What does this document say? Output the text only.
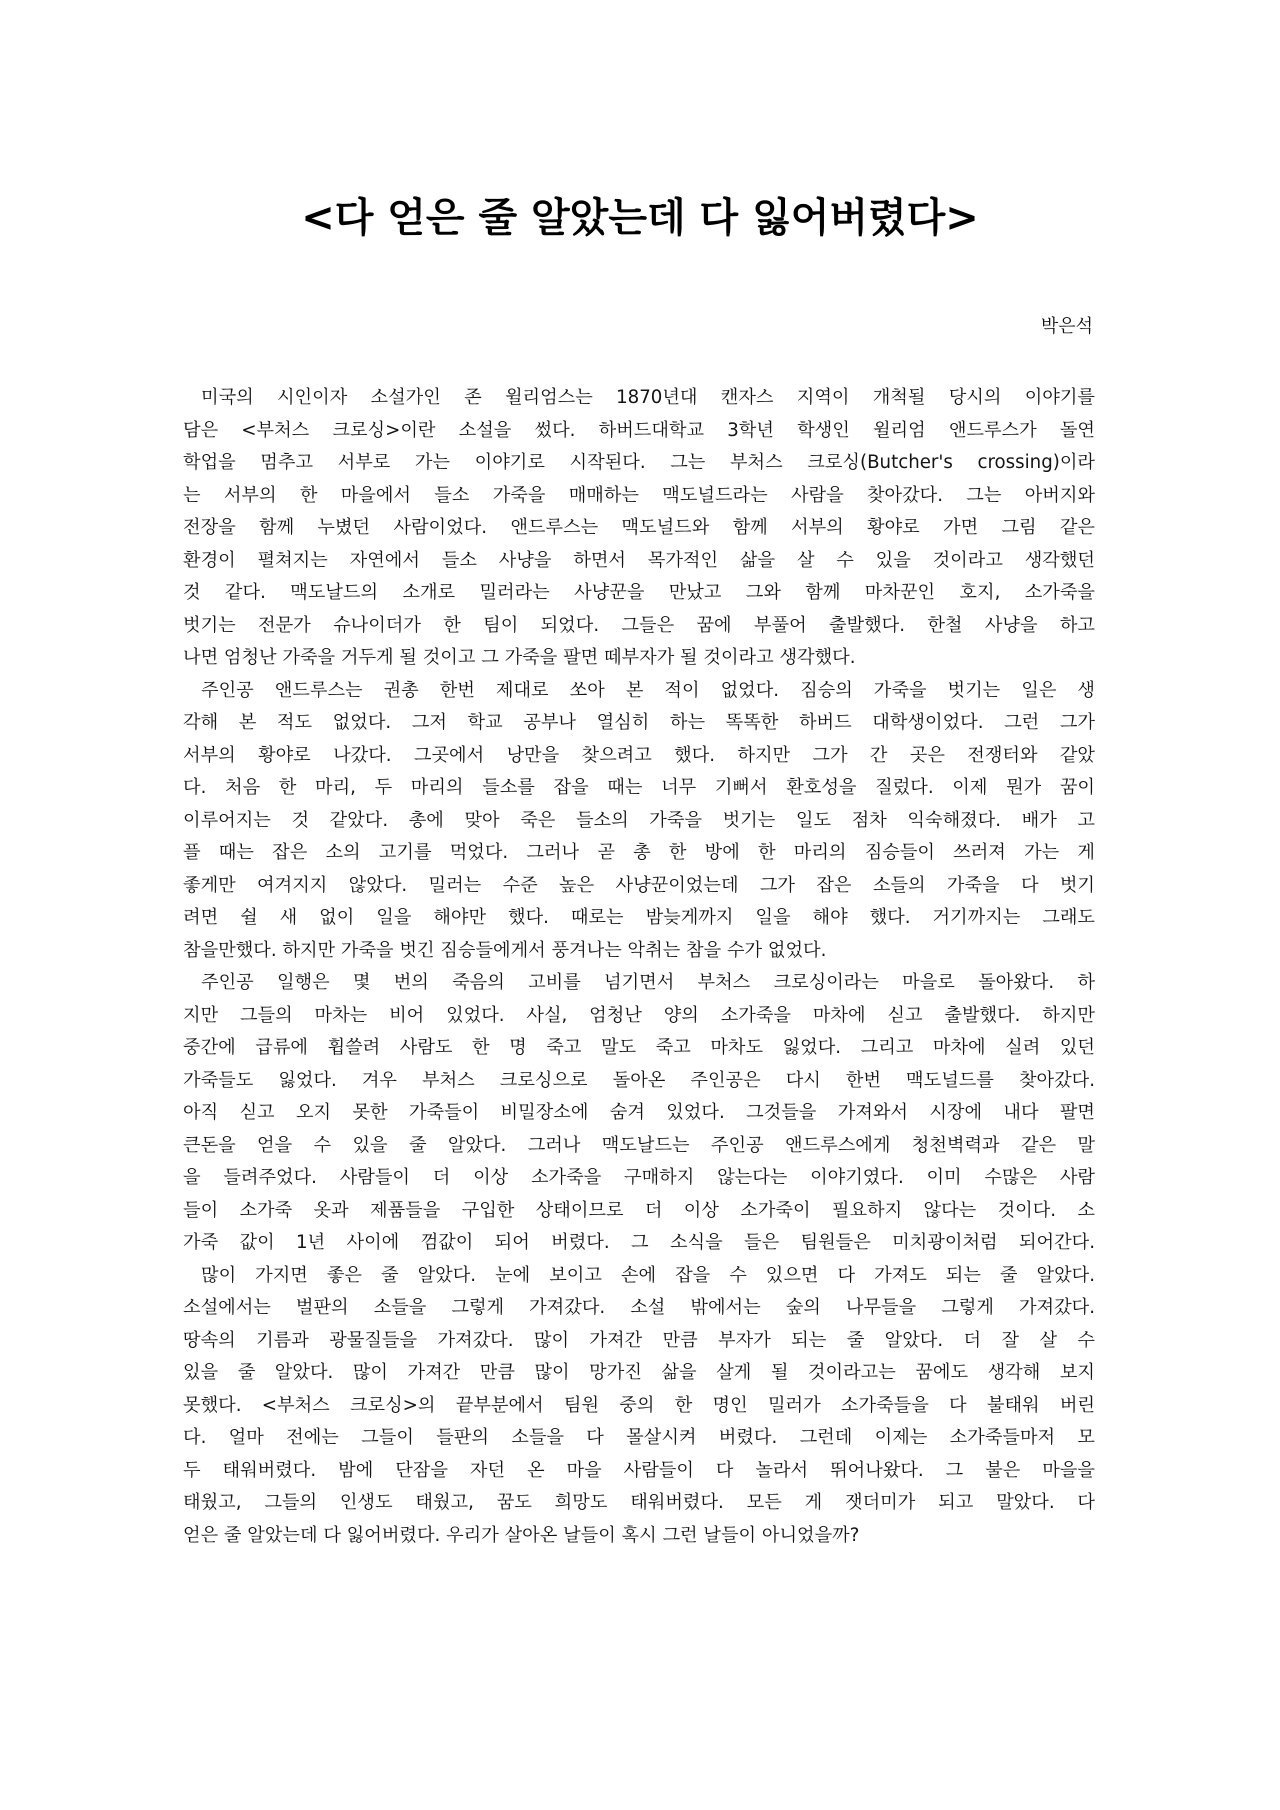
<다 얻은 줄 알았는데 다 잃어버렸다>
박은석
미국의 시인이자 소설가인 존 윌리엄스는 1870년대 캔자스 지역이 개척될 당시의 이야기를
담은 <부처스 크로싱>이란 소설을 썼다. 하버드대학교 3학년 학생인 윌리엄 앤드루스가 돌연
학업을 멈추고 서부로 가는 이야기로 시작된다. 그는 부처스 크로싱(Butcher's crossing)이라
는 서부의 한 마을에서 들소 가죽을 매매하는 맥도널드라는 사람을 찾아갔다. 그는 아버지와
전장을 함께 누볐던 사람이었다. 앤드루스는 맥도널드와 함께 서부의 황야로 가면 그림 같은
환경이 펼쳐지는 자연에서 들소 사냥을 하면서 목가적인 삶을 살 수 있을 것이라고 생각했던
것 같다. 맥도날드의 소개로 밀러라는 사냥꾼을 만났고 그와 함께 마차꾼인 호지, 소가죽을
벗기는 전문가 슈나이더가 한 팀이 되었다. 그들은 꿈에 부풀어 출발했다. 한철 사냥을 하고
나면 엄청난 가죽을 거두게 될 것이고 그 가죽을 팔면 떼부자가 될 것이라고 생각했다.
주인공 앤드루스는 권총 한번 제대로 쏘아 본 적이 없었다. 짐승의 가죽을 벗기는 일은 생
각해 본 적도 없었다. 그저 학교 공부나 열심히 하는 똑똑한 하버드 대학생이었다. 그런 그가
서부의 황야로 나갔다. 그곳에서 낭만을 찾으려고 했다. 하지만 그가 간 곳은 전쟁터와 같았
다. 처음 한 마리, 두 마리의 들소를 잡을 때는 너무 기뻐서 환호성을 질렀다. 이제 뭔가 꿈이
이루어지는 것 같았다. 총에 맞아 죽은 들소의 가죽을 벗기는 일도 점차 익숙해졌다. 배가 고
플 때는 잡은 소의 고기를 먹었다. 그러나 곧 총 한 방에 한 마리의 짐승들이 쓰러져 가는 게
좋게만 여겨지지 않았다. 밀러는 수준 높은 사냥꾼이었는데 그가 잡은 소들의 가죽을 다 벗기
려면 쉴 새 없이 일을 해야만 했다. 때로는 밤늦게까지 일을 해야 했다. 거기까지는 그래도
참을만했다. 하지만 가죽을 벗긴 짐승들에게서 풍겨나는 악취는 참을 수가 없었다.
주인공 일행은 몇 번의 죽음의 고비를 넘기면서 부처스 크로싱이라는 마을로 돌아왔다. 하
지만 그들의 마차는 비어 있었다. 사실, 엄청난 양의 소가죽을 마차에 싣고 출발했다. 하지만
중간에 급류에 휩쓸려 사람도 한 명 죽고 말도 죽고 마차도 잃었다. 그리고 마차에 실려 있던
가죽들도 잃었다. 겨우 부처스 크로싱으로 돌아온 주인공은 다시 한번 맥도널드를 찾아갔다.
아직 싣고 오지 못한 가죽들이 비밀장소에 숨겨 있었다. 그것들을 가져와서 시장에 내다 팔면
큰돈을 얻을 수 있을 줄 알았다. 그러나 맥도날드는 주인공 앤드루스에게 청천벽력과 같은 말
을 들려주었다. 사람들이 더 이상 소가죽을 구매하지 않는다는 이야기였다. 이미 수많은 사람
들이 소가죽 옷과 제품들을 구입한 상태이므로 더 이상 소가죽이 필요하지 않다는 것이다. 소
가죽 값이 1년 사이에 껌값이 되어 버렸다. 그 소식을 들은 팀원들은 미치광이처럼 되어간다.
많이 가지면 좋은 줄 알았다. 눈에 보이고 손에 잡을 수 있으면 다 가져도 되는 줄 알았다.
소설에서는 벌판의 소들을 그렇게 가져갔다. 소설 밖에서는 숲의 나무들을 그렇게 가져갔다.
땅속의 기름과 광물질들을 가져갔다. 많이 가져간 만큼 부자가 되는 줄 알았다. 더 잘 살 수
있을 줄 알았다. 많이 가져간 만큼 많이 망가진 삶을 살게 될 것이라고는 꿈에도 생각해 보지
못했다. <부처스 크로싱>의 끝부분에서 팀원 중의 한 명인 밀러가 소가죽들을 다 불태워 버린
다. 얼마 전에는 그들이 들판의 소들을 다 몰살시켜 버렸다. 그런데 이제는 소가죽들마저 모
두 태워버렸다. 밤에 단잠을 자던 온 마을 사람들이 다 놀라서 뛰어나왔다. 그 불은 마을을
태웠고, 그들의 인생도 태웠고, 꿈도 희망도 태워버렸다. 모든 게 잿더미가 되고 말았다. 다
얻은 줄 알았는데 다 잃어버렸다. 우리가 살아온 날들이 혹시 그런 날들이 아니었을까?
